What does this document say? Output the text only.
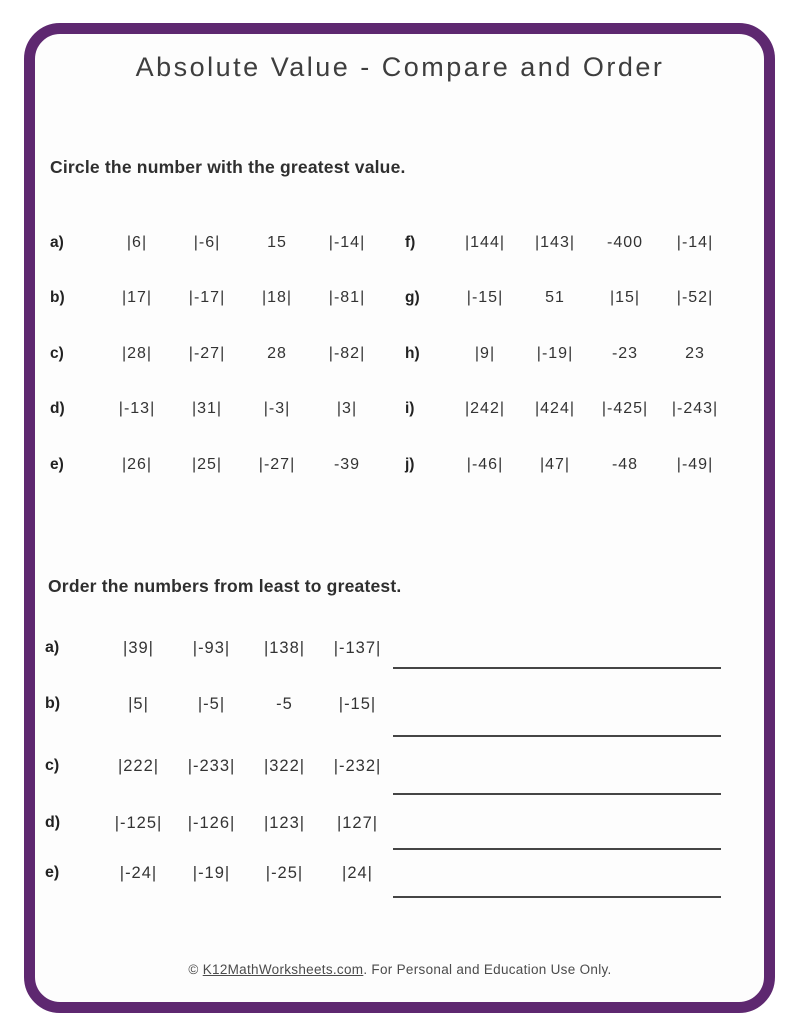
Absolute Value - Compare and Order
Circle the number with the greatest value.
a)	|6|	|-6|	15	|-14|
b)	|17|	|-17|	|18|	|-81|
c)	|28|	|-27|	28	|-82|
d)	|-13|	|31|	|-3|	|3|
e)	|26|	|25|	|-27|	-39
f)	|144|	|143|	-400	|-14|
g)	|-15|	51	|15|	|-52|
h)	|9|	|-19|	-23	23
i)	|242|	|424|	|-425|	|-243|
j)	|-46|	|47|	-48	|-49|
Order the numbers from least to greatest.
a)	|39|	|-93|	|138|	|-137|
b)	|5|	|-5|	-5	|-15|
c)	|222|	|-233|	|322|	|-232|
d)	|-125|	|-126|	|123|	|127|
e)	|-24|	|-19|	|-25|	|24|
© K12MathWorksheets.com. For Personal and Education Use Only.
